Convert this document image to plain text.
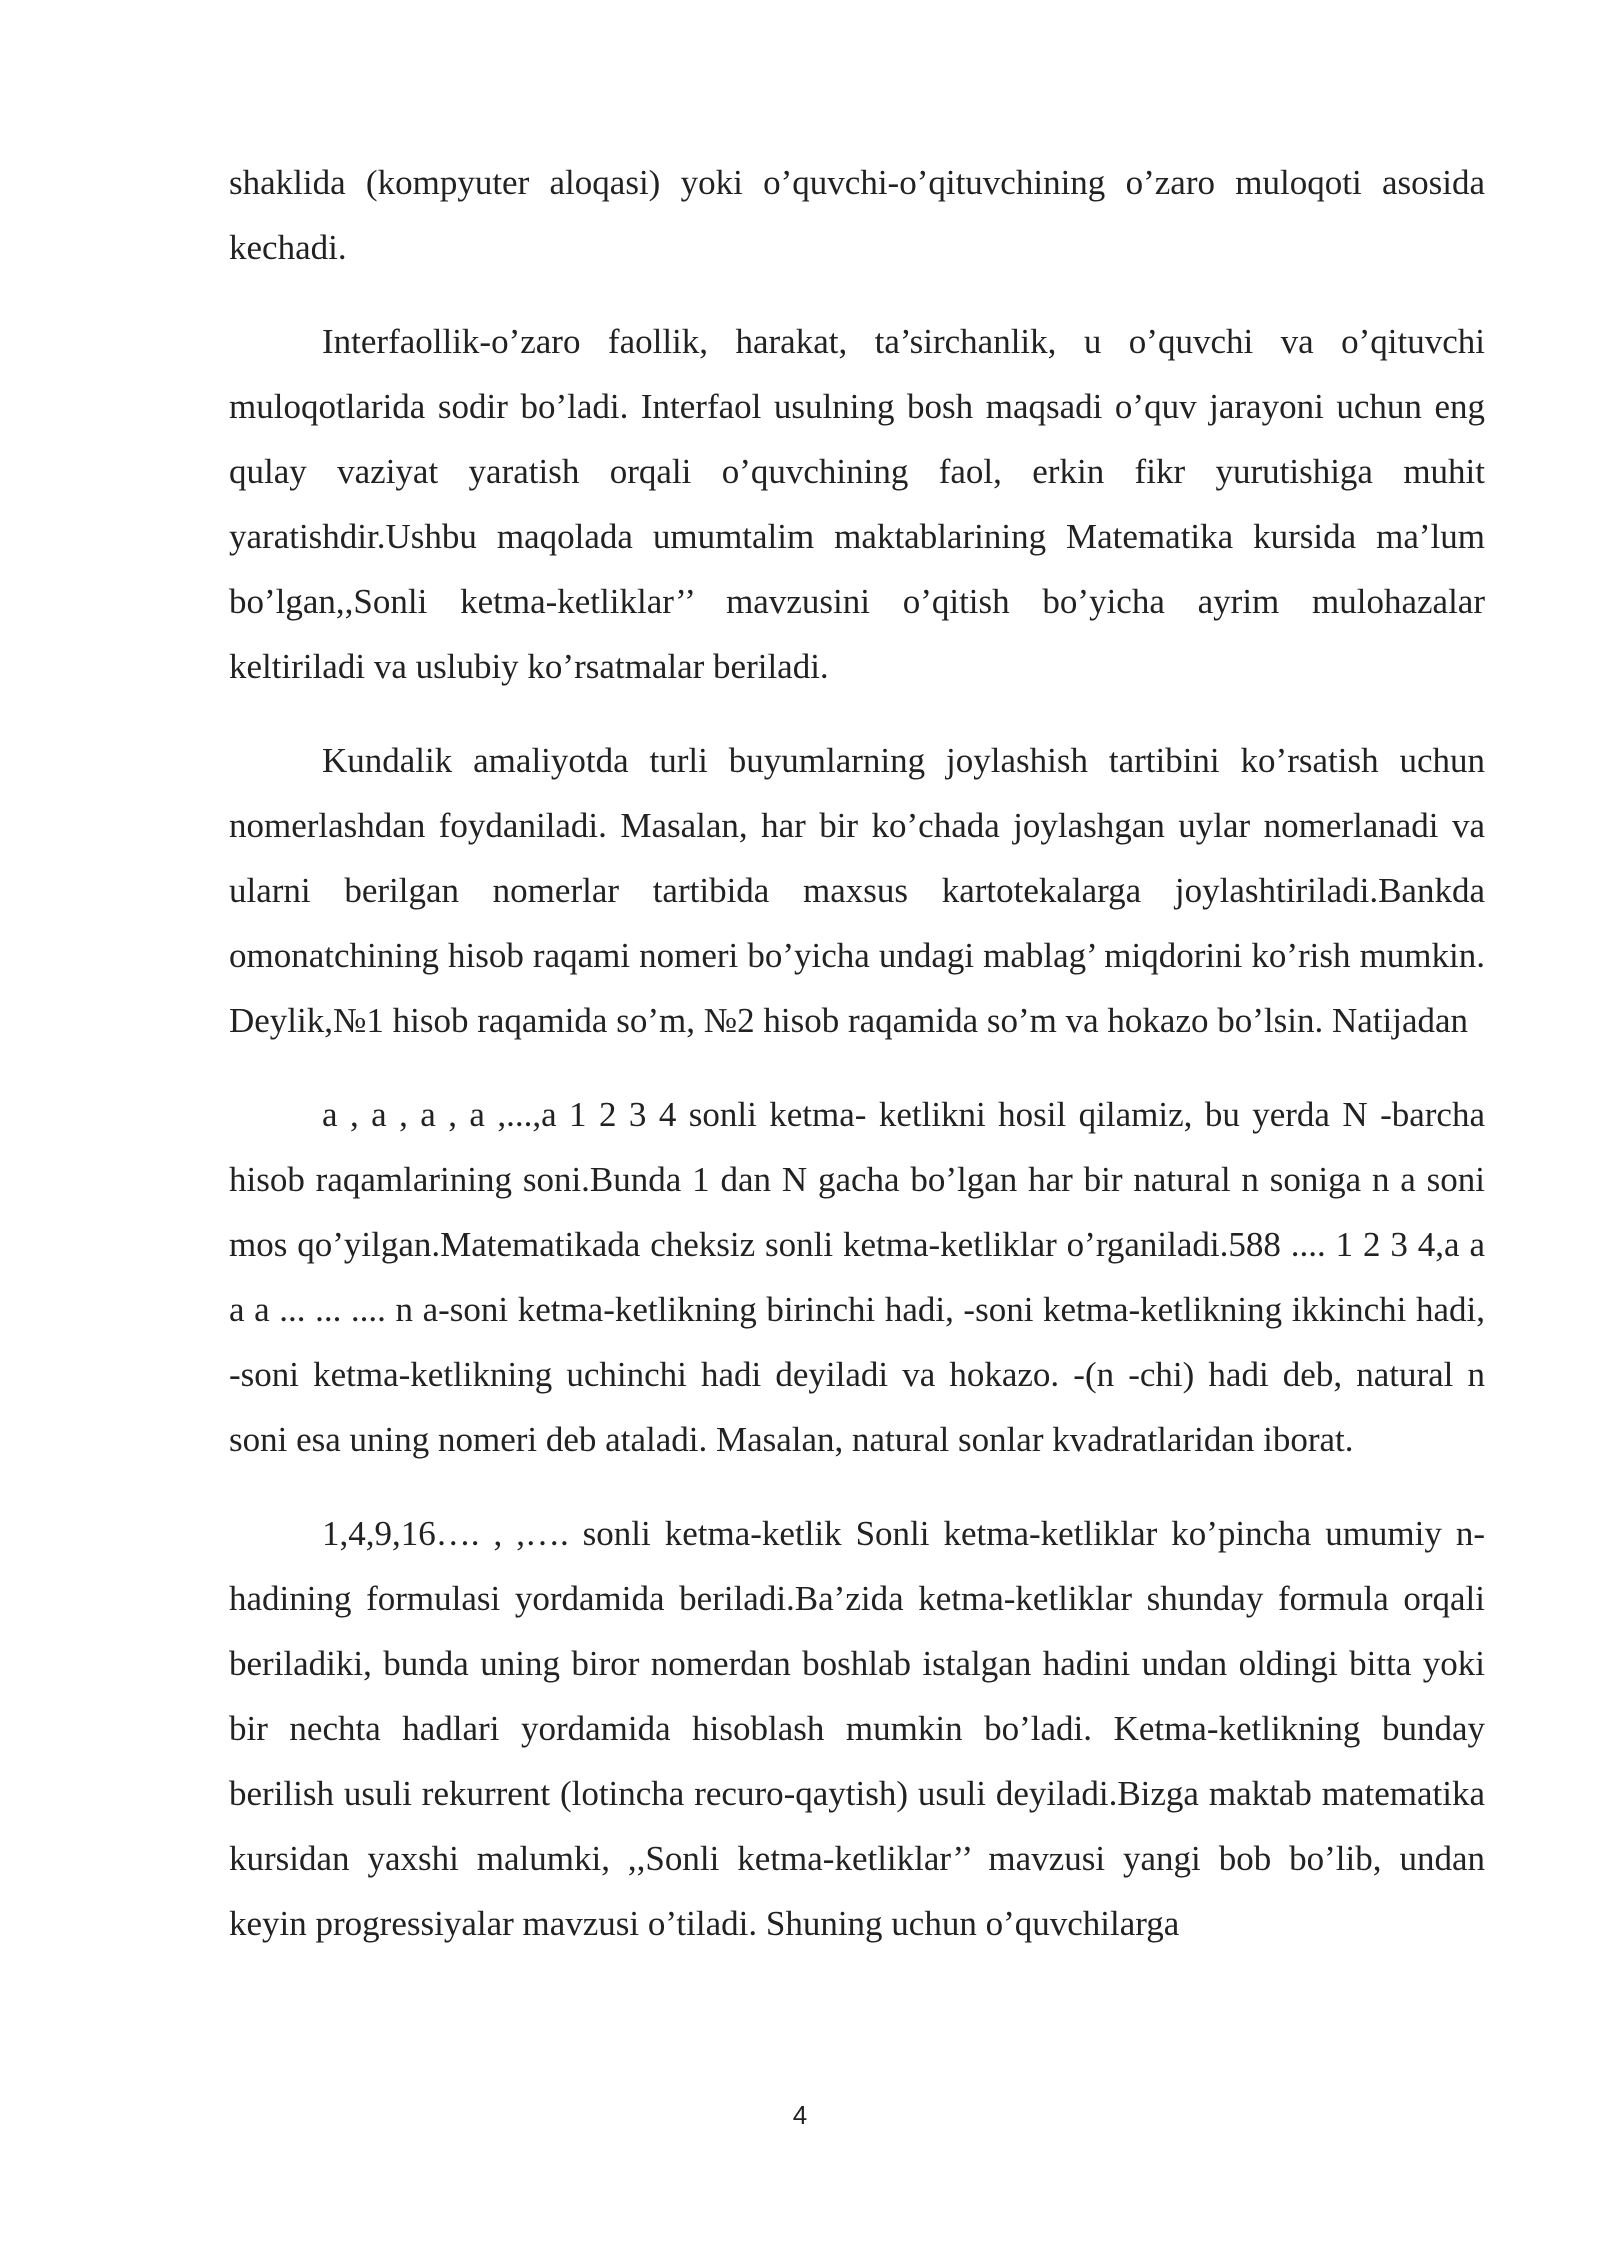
shaklida (kompyuter aloqasi) yoki o’quvchi-o’qituvchining o’zaro muloqoti asosida kechadi.

Interfaollik-o’zaro faollik, harakat, ta’sirchanlik, u o’quvchi va o’qituvchi muloqotlarida sodir bo’ladi. Interfaol usulning bosh maqsadi o’quv jarayoni uchun eng qulay vaziyat yaratish orqali o’quvchining faol, erkin fikr yurutishiga muhit yaratishdir.Ushbu maqolada umumtalim maktablarining Matematika kursida ma’lum bo’lgan,,Sonli ketma-ketliklar’’ mavzusini o’qitish bo’yicha ayrim mulohazalar keltiriladi va uslubiy ko’rsatmalar beriladi.

Kundalik amaliyotda turli buyumlarning joylashish tartibini ko’rsatish uchun nomerlashdan foydaniladi. Masalan, har bir ko’chada joylashgan uylar nomerlanadi va ularni berilgan nomerlar tartibida maxsus kartotekalarga joylashtiriladi.Bankda omonatchining hisob raqami nomeri bo’yicha undagi mablag’ miqdorini ko’rish mumkin. Deylik,№1 hisob raqamida so’m, №2 hisob raqamida so’m va hokazo bo’lsin. Natijadan

a , a , a , a ,...,a 1 2 3 4 sonli ketma- ketlikni hosil qilamiz, bu yerda N -barcha hisob raqamlarining soni.Bunda 1 dan N gacha bo’lgan har bir natural n soniga n a soni mos qo’yilgan.Matematikada cheksiz sonli ketma-ketliklar o’rganiladi.588 .... 1 2 3 4,a a a a ... ... .... n a-soni ketma-ketlikning birinchi hadi, -soni ketma-ketlikning ikkinchi hadi, -soni ketma-ketlikning uchinchi hadi deyiladi va hokazo. -(n -chi) hadi deb, natural n soni esa uning nomeri deb ataladi. Masalan, natural sonlar kvadratlaridan iborat.

1,4,9,16…. , ,…. sonli ketma-ketlik Sonli ketma-ketliklar ko’pincha umumiy n-hadining formulasi yordamida beriladi.Ba’zida ketma-ketliklar shunday formula orqali beriladiki, bunda uning biror nomerdan boshlab istalgan hadini undan oldingi bitta yoki bir nechta hadlari yordamida hisoblash mumkin bo’ladi. Ketma-ketlikning bunday berilish usuli rekurrent (lotincha recuro-qaytish) usuli deyiladi.Bizga maktab matematika kursidan yaxshi malumki, ,,Sonli ketma-ketliklar’’ mavzusi yangi bob bo’lib, undan keyin progressiyalar mavzusi o’tiladi. Shuning uchun o’quvchilarga

4
